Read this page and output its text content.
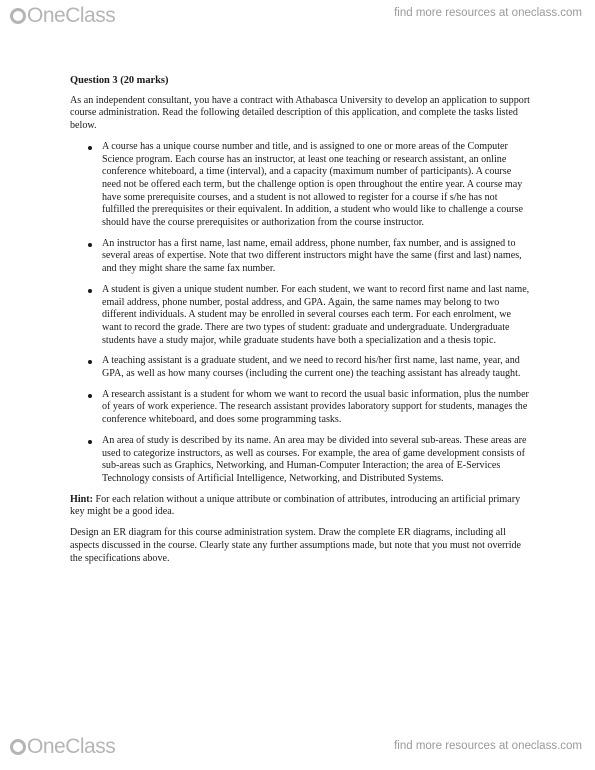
One Class	find more resources at oneclass.com
Question 3 (20 marks)
As an independent consultant, you have a contract with Athabasca University to develop an application to support course administration. Read the following detailed description of this application, and complete the tasks listed below.
A course has a unique course number and title, and is assigned to one or more areas of the Computer Science program. Each course has an instructor, at least one teaching or research assistant, an online conference whiteboard, a time (interval), and a capacity (maximum number of participants). A course need not be offered each term, but the challenge option is open throughout the entire year. A course may have some prerequisite courses, and a student is not allowed to register for a course if s/he has not fulfilled the prerequisites or their equivalent. In addition, a student who would like to challenge a course should have the course prerequisites or authorization from the course instructor.
An instructor has a first name, last name, email address, phone number, fax number, and is assigned to several areas of expertise. Note that two different instructors might have the same (first and last) names, and they might share the same fax number.
A student is given a unique student number. For each student, we want to record first name and last name, email address, phone number, postal address, and GPA. Again, the same names may belong to two different individuals. A student may be enrolled in several courses each term. For each enrolment, we want to record the grade. There are two types of student: graduate and undergraduate. Undergraduate students have a study major, while graduate students have both a specialization and a thesis topic.
A teaching assistant is a graduate student, and we need to record his/her first name, last name, year, and GPA, as well as how many courses (including the current one) the teaching assistant has already taught.
A research assistant is a student for whom we want to record the usual basic information, plus the number of years of work experience. The research assistant provides laboratory support for students, manages the conference whiteboard, and does some programming tasks.
An area of study is described by its name. An area may be divided into several sub-areas. These areas are used to categorize instructors, as well as courses. For example, the area of game development consists of sub-areas such as Graphics, Networking, and Human-Computer Interaction; the area of E-Services Technology consists of Artificial Intelligence, Networking, and Distributed Systems.
Hint: For each relation without a unique attribute or combination of attributes, introducing an artificial primary key might be a good idea.
Design an ER diagram for this course administration system. Draw the complete ER diagrams, including all aspects discussed in the course. Clearly state any further assumptions made, but note that you must not override the specifications above.
One Class	find more resources at oneclass.com
